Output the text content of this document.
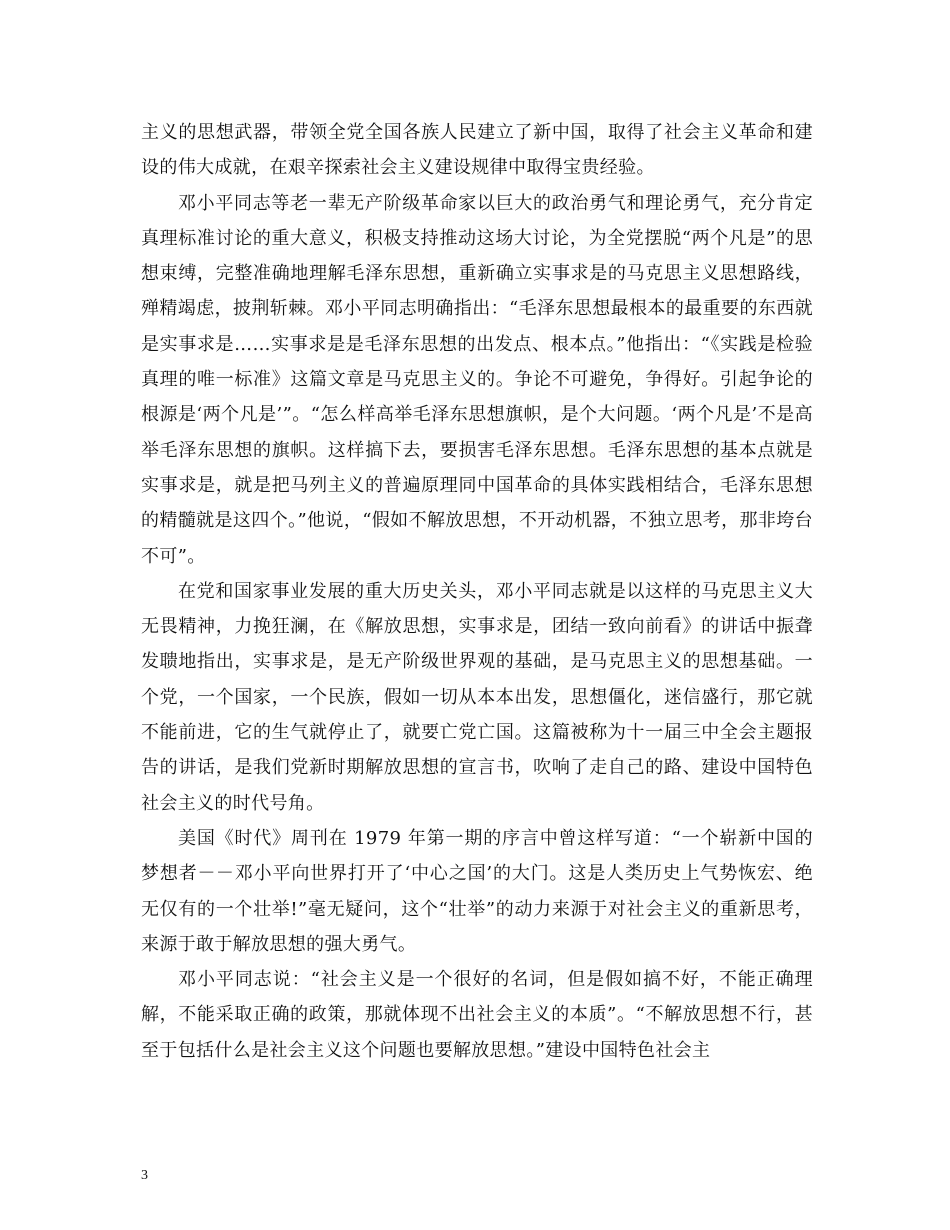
主义的思想武器，带领全党全国各族人民建立了新中国，取得了社会主义革命和建设的伟大成就，在艰辛探索社会主义建设规律中取得宝贵经验。

邓小平同志等老一辈无产阶级革命家以巨大的政治勇气和理论勇气，充分肯定真理标准讨论的重大意义，积极支持推动这场大讨论，为全党摆脱“两个凡是”的思想束缚，完整准确地理解毛泽东思想，重新确立实事求是的马克思主义思想路线，殚精竭虑，披荆斩棘。邓小平同志明确指出：“毛泽东思想最根本的最重要的东西就是实事求是……实事求是是毛泽东思想的出发点、根本点。”他指出：“《实践是检验真理的唯一标准》这篇文章是马克思主义的。争论不可避免，争得好。引起争论的根源是‘两个凡是’”。“怎么样高举毛泽东思想旗帜，是个大问题。‘两个凡是’不是高举毛泽东思想的旗帜。这样搞下去，要损害毛泽东思想。毛泽东思想的基本点就是实事求是，就是把马列主义的普遍原理同中国革命的具体实践相结合，毛泽东思想的精髓就是这四个。”他说，“假如不解放思想，不开动机器，不独立思考，那非垮台不可”。

在党和国家事业发展的重大历史关头，邓小平同志就是以这样的马克思主义大无畏精神，力挽狂澜，在《解放思想，实事求是，团结一致向前看》的讲话中振聋发聩地指出，实事求是，是无产阶级世界观的基础，是马克思主义的思想基础。一个党，一个国家，一个民族，假如一切从本本出发，思想僵化，迷信盛行，那它就不能前进，它的生气就停止了，就要亡党亡国。这篇被称为十一届三中全会主题报告的讲话，是我们党新时期解放思想的宣言书，吹响了走自己的路、建设中国特色社会主义的时代号角。

美国《时代》周刊在 1979 年第一期的序言中曾这样写道：“一个崭新中国的梦想者－－邓小平向世界打开了‘中心之国’的大门。这是人类历史上气势恢宏、绝无仅有的一个壮举!”毫无疑问，这个“壮举”的动力来源于对社会主义的重新思考，来源于敢于解放思想的强大勇气。

邓小平同志说：“社会主义是一个很好的名词，但是假如搞不好，不能正确理解，不能采取正确的政策，那就体现不出社会主义的本质”。“不解放思想不行，甚至于包括什么是社会主义这个问题也要解放思想。”建设中国特色社会主

3
